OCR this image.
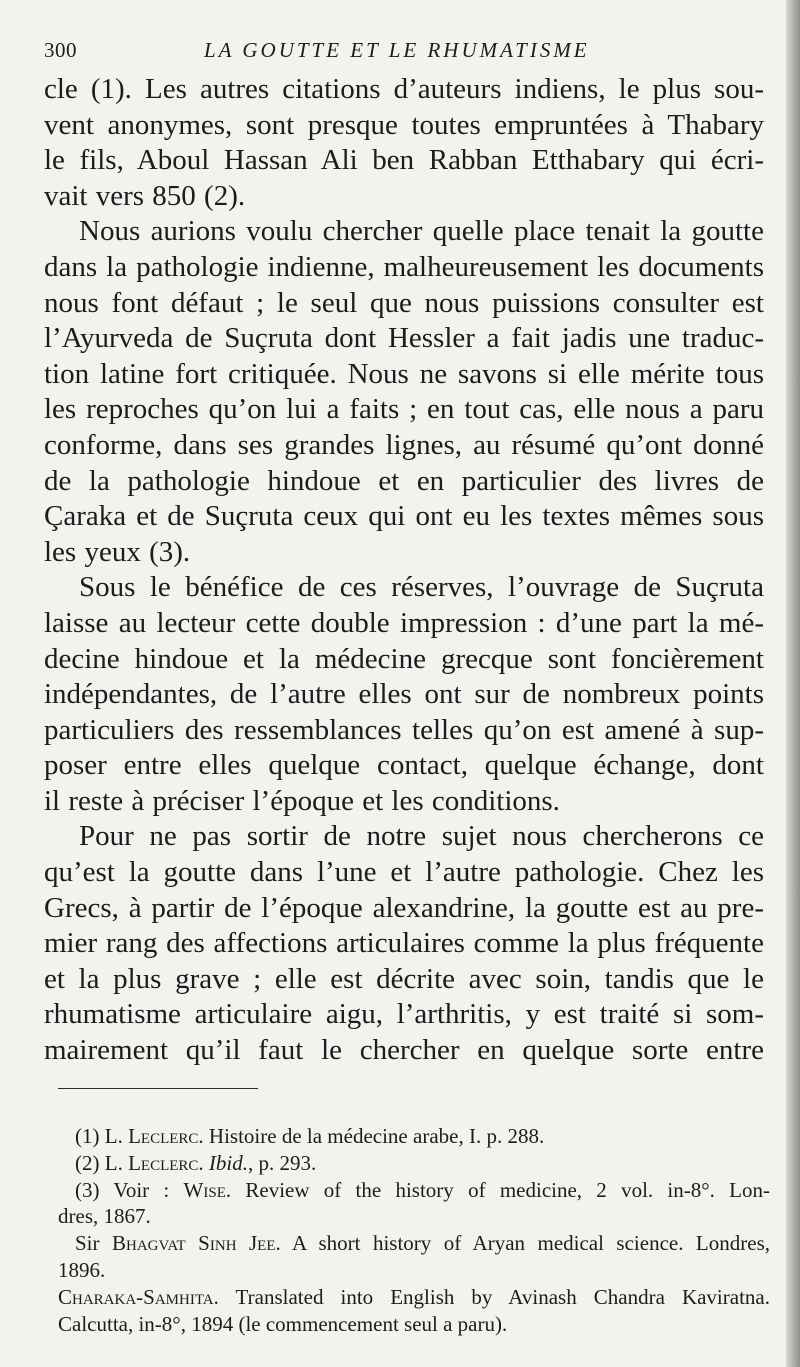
300	LA GOUTTE ET LE RHUMATISME
cle (1). Les autres citations d’auteurs indiens, le plus sou-
vent anonymes, sont presque toutes empruntées à Thabary
le fils, Aboul Hassan Ali ben Rabban Etthabary qui écri-
vait vers 850 (2).
Nous aurions voulu chercher quelle place tenait la goutte
dans la pathologie indienne, malheureusement les documents
nous font défaut ; le seul que nous puissions consulter est
l’Ayurveda de Suçruta dont Hessler a fait jadis une traduc-
tion latine fort critiquée. Nous ne savons si elle mérite tous
les reproches qu’on lui a faits ; en tout cas, elle nous a paru
conforme, dans ses grandes lignes, au résumé qu’ont donné
de la pathologie hindoue et en particulier des livres de
Çaraka et de Suçruta ceux qui ont eu les textes mêmes sous
les yeux (3).
Sous le bénéfice de ces réserves, l’ouvrage de Suçruta
laisse au lecteur cette double impression : d’une part la mé-
decine hindoue et la médecine grecque sont foncièrement
indépendantes, de l’autre elles ont sur de nombreux points
particuliers des ressemblances telles qu’on est amené à sup-
poser entre elles quelque contact, quelque échange, dont
il reste à préciser l’époque et les conditions.
Pour ne pas sortir de notre sujet nous chercherons ce
qu’est la goutte dans l’une et l’autre pathologie. Chez les
Grecs, à partir de l’époque alexandrine, la goutte est au pre-
mier rang des affections articulaires comme la plus fréquente
et la plus grave ; elle est décrite avec soin, tandis que le
rhumatisme articulaire aigu, l’arthritis, y est traité si som-
mairement qu’il faut le chercher en quelque sorte entre
(1) L. Leclerc. Histoire de la médecine arabe, I. p. 288.
(2) L. Leclerc. Ibid., p. 293.
(3) Voir : Wise. Review of the history of medicine, 2 vol. in-8°. Lon-
dres, 1867.
Sir Bhagvat Sinh Jee. A short history of Aryan medical science. Londres,
1896.
Charaka-Samhita. Translated into English by Avinash Chandra Kaviratna.
Calcutta, in-8°, 1894 (le commencement seul a paru).
